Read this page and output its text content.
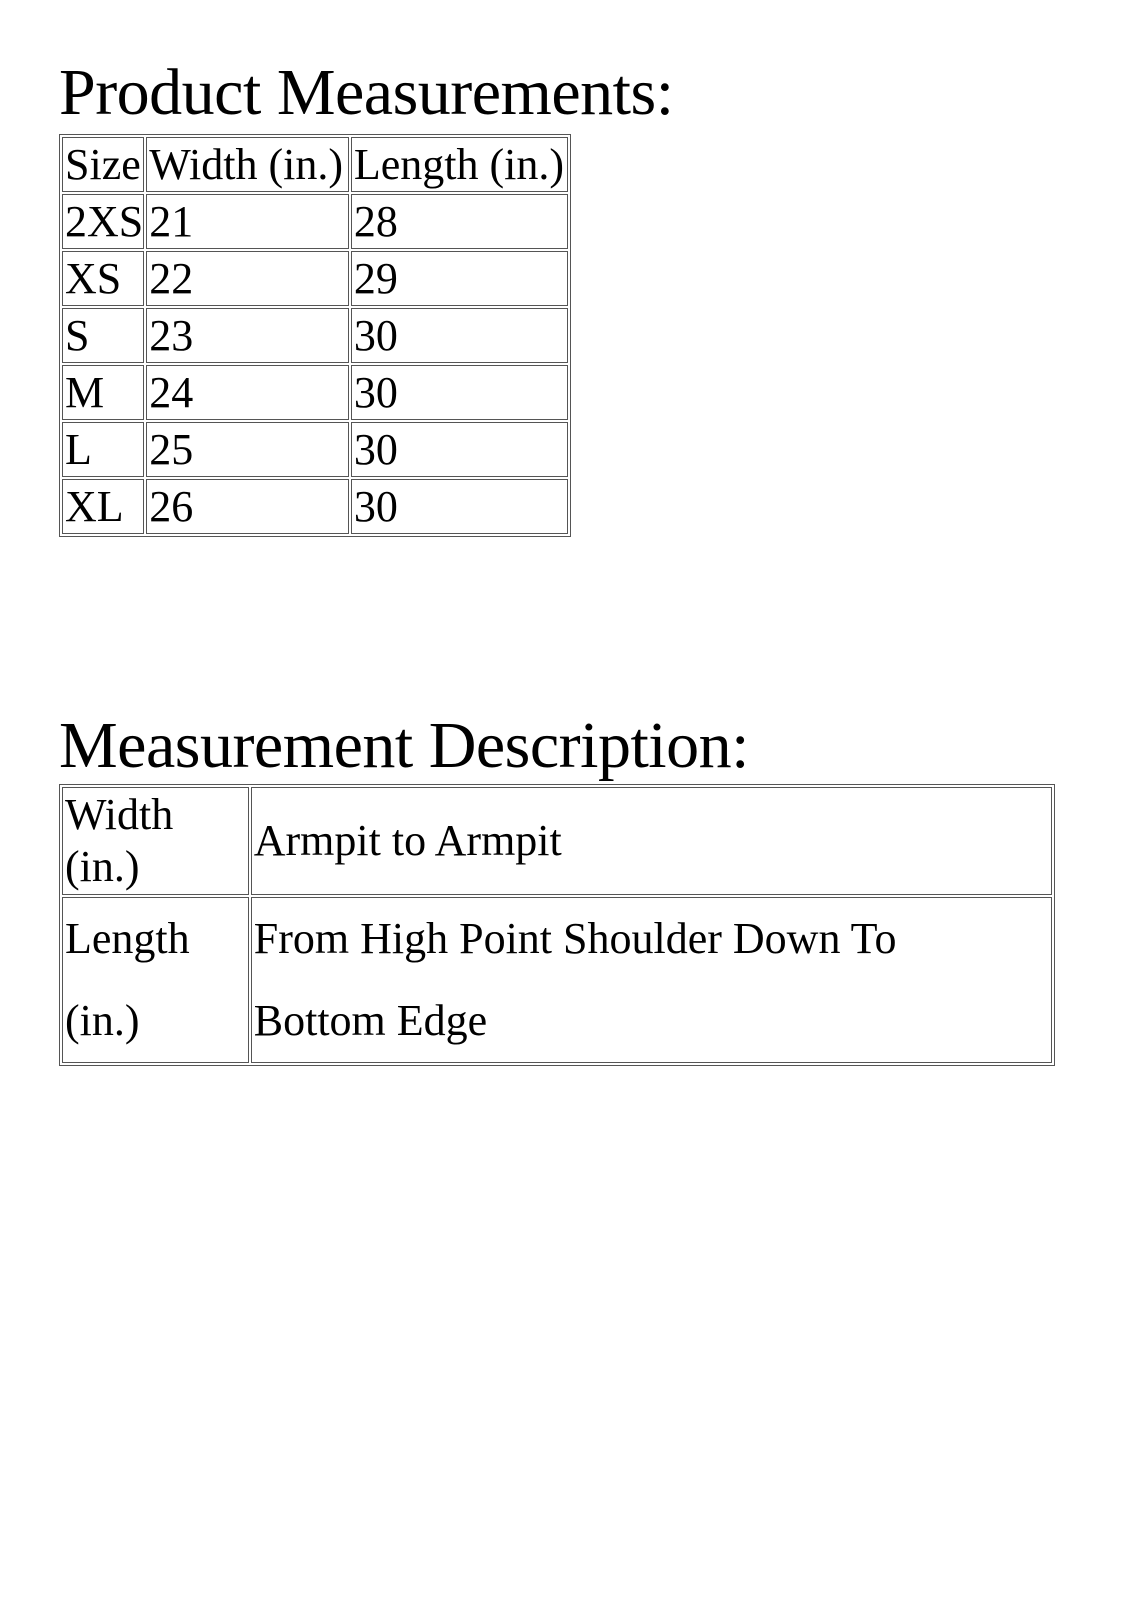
Product Measurements:
Size	Width (in.)	Length (in.)
2XS	21	28
XS	22	29
S	23	30
M	24	30
L	25	30
XL	26	30
Measurement Description:
Width
(in.)	Armpit to Armpit

Length
(in.)	From High Point Shoulder Down To
Bottom Edge
